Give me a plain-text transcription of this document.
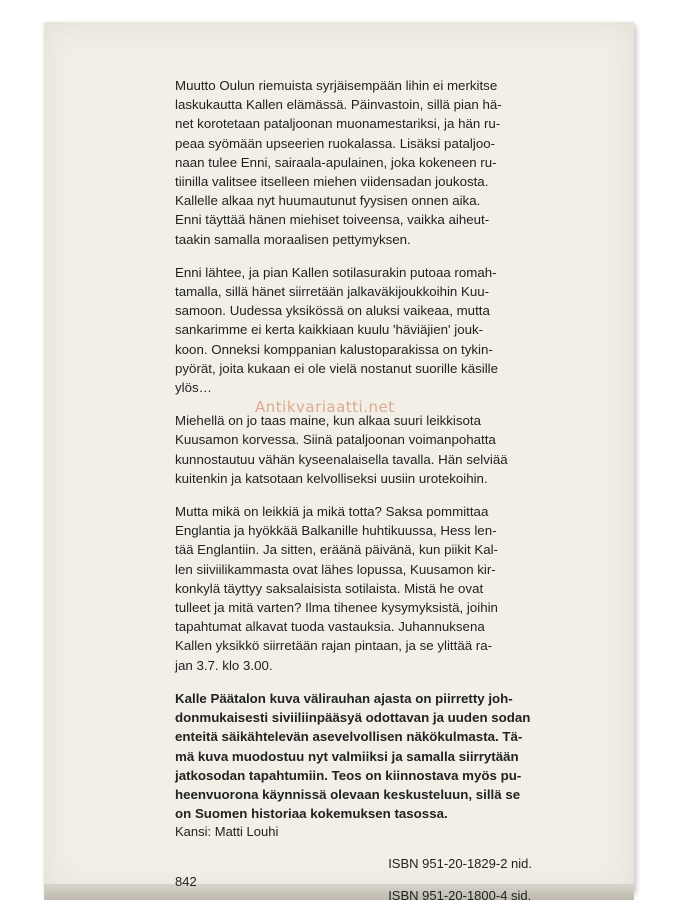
Muutto Oulun riemuista syrjäisempään lihin ei merkitse
laskukautta Kallen elämässä. Päinvastoin, sillä pian hä-
net korotetaan pataljoonan muonamestariksi, ja hän ru-
peaa syömään upseerien ruokalassa. Lisäksi pataljoo-
naan tulee Enni, sairaala-apulainen, joka kokeneen ru-
tiinilla valitsee itselleen miehen viidensadan joukosta.
Kallelle alkaa nyt huumautunut fyysisen onnen aika.
Enni täyttää hänen miehiset toiveensa, vaikka aiheut-
taakin samalla moraalisen pettymyksen.

Enni lähtee, ja pian Kallen sotilasurakin putoaa romah-
tamalla, sillä hänet siirretään jalkaväkijoukkoihin Kuu-
samoon. Uudessa yksikössä on aluksi vaikeaa, mutta
sankarimme ei kerta kaikkiaan kuulu 'häviäjien' jouk-
koon. Onneksi komppanian kalustoparakissa on tykin-
pyörät, joita kukaan ei ole vielä nostanut suorille käsille
ylös…

Miehellä on jo taas maine, kun alkaa suuri leikkisota
Kuusamon korvessa. Siinä pataljoonan voimanpohatta
kunnostautuu vähän kyseenalaisella tavalla. Hän selviää
kuitenkin ja katsotaan kelvolliseksi uusiin urotekoihin.

Mutta mikä on leikkiä ja mikä totta? Saksa pommittaa
Englantia ja hyökkää Balkanille huhtikuussa, Hess len-
tää Englantiin. Ja sitten, eräänä päivänä, kun piikit Kal-
len siiviilikammasta ovat lähes lopussa, Kuusamon kir-
konkylä täyttyy saksalaisista sotilaista. Mistä he ovat
tulleet ja mitä varten? Ilma tihenee kysymyksistä, joihin
tapahtumat alkavat tuoda vastauksia. Juhannuksena
Kallen yksikkö siirretään rajan pintaan, ja se ylittää ra-
jan 3.7. klo 3.00.

Kalle Päätalon kuva välirauhan ajasta on piirretty joh-
donmukaisesti siviiliinpääsyä odottavan ja uuden sodan
enteitä säikähtelevän asevelvollisen näkökulmasta. Tä-
mä kuva muodostuu nyt valmiiksi ja samalla siirrytään
jatkosodan tapahtumiin. Teos on kiinnostava myös pu-
heenvuorona käynnissä olevaan keskusteluun, sillä se
on Suomen historiaa kokemuksen tasossa.

Kansi: Matti Louhi

842

ISBN 951-20-1829-2 nid.

ISBN 951-20-1800-4 sid.

Antikvariaatti.net
